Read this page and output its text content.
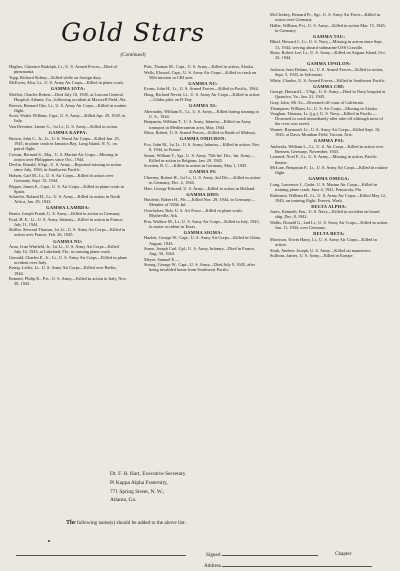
Gold Stars
(Continued)
Hughes, Clarence Rudolph, Lt., U. S. Armed Forces—Died of pneumonia.
Topp, Richard Sidney—Killed while on foreign duty.
McEwen, Alva, Lt., U. S. Army Air Corps—Killed in plane crash.
GAMMA IOTA:
Moffett, Charles Robert—Died July 10, 1945, at Lawson General Hospital, Atlanta, Ga., following accident at Maxwell Field, Ala.
Reeves, Bernard Otis, Lt., U. S. Army Air Corps—Killed in routine flight.
Scott, Walter William, Capt., U. S. Army—Killed Apr. 29, 1945, in Italy.
Van Deventer, James G., 1st Lt., U. S. Army—Killed in action.
GAMMA KAPPA:
Brown, John C., Jr., Lt., U. S. Naval Air Corps—Killed Jan. 25, 1945, in plane crash in Jamaica Bay, Long Island, N. Y., on patrol flight.
Cowan, Bernard S., Maj., U. S. Marine Air Corps—Missing in action over Philippines since Oct., 1944.
Devlin, Ronald, S/Sgt., U. S. Army—Reported missing in action since July, 1943, in Southwest Pacific.
Holsen, Carl M., Lt., U. S. Air Corps—Killed in action over Germany, Sept. 13, 1944.
Pepper, James E., Capt., U. S. Air Corps—Killed in plane crash in Spain.
Schaefer, Roland H., Lt., U. S. Army—Killed in action in North Africa, Jan. 29, 1943.
GAMMA LAMBDA:
Bonin, Joseph Frank, U. S. Army—Killed in action in Germany.
Ford, H. E., Lt., U. S. Army, Infantry—Killed in action in France, July 11, 1944.
Shiffer, Steward Thomas, 1st Lt., U. S. Army Air Corps—Killed in action over France, Feb. 26, 1945.
GAMMA NU:
Arno, Ivan Winfield, Jr., 1st Lt., U. S. Army Air Corps—Killed July 14, 1943, at Lakeland, Fla., in training plane crash.
Gerould, Charles E., Jr., Lt., U. S. Army Air Corps—Killed in plane accident over Italy.
Kemp, Leslie, Lt., U. S. Army Air Corps—Killed over Berlin, 1944.
Kennett, Philip K., Pvt., U. S. Army—Killed in action in Italy, Nov. 30, 1943.
Pitts, Thomas M., Capt., U. S. Army—Killed in action, Alaska.
Wells, Elwood, Capt., U. S. Army Air Corps—Killed in crash on 50th mission in CBI area.
GAMMA NU:
Evans, John H., Lt., U. S. Armed Forces—Killed in Pacific, 1944.
Hoag, Richard Nevin, Lt., U. S. Army Air Corps—Killed in action—Glider pilot on D-Day.
GAMMA XI:
Abernathy, William E., Lt., U. S. Army—Killed during training in U. S., 1944.
Benjamin, William T., U. S. Army, Infantry—Killed on Army transport in Mediterranean area, May, 1944.
Moss, Robert, U. S. Armed Forces—Killed in Battle of Midway.
GAMMA OMICRON:
Fox, John M., 1st Lt., U. S. Army, Infantry—Killed in action, Nov. 8, 1944, in France.
Smart, William T., Sgt., U. S. Army, 75th Inf. Div., Int. Army—Killed in action in Belgium, Jan. 20, 1945.
Scouten, R. C.—Killed in action in Germany, May 1, 1945.
GAMMA PI:
Cherney, Robert H., 1st Lt., U. S. Army, 3rd Div.—Killed in action in Germany, Dec. 2, 1944.
Hart, George Edward, U. S. Army—Killed in action in Holland.
GAMMA RHO:
Houlette, Robert H., Pfc.—Killed Nov. 29, 1944, in Germany—Member of 335th Inf.
Overholser, Bob, U. S. Air Force—Killed in plane crash, Blytheville, Ark.
Pon, Wallace M., Lt., U. S. Army Air Corps—Killed in July, 1945, in motor accident in Texas.
GAMMA SIGMA:
Hazlett, George W., Capt., U. S. Army Air Corps—Killed in China, August, 1943.
Siano, Joseph Carl, Cpl., U. S. Army, Infantry—Died in France, Aug. 30, 1944.
Meyer, Samuel E.—
Strong, George W., Capt., U. S. Army—Died July 9, 1945, after being invalided home from Southwest Pacific.
McCloskey, Bernard Fr., Sgt., U. S. Army Air Force—Killed in action over Germany.
Haller, William, Pvt., U. S. Army—Killed in action Mar. 15, 1945, in Germany.
GAMMA TAU:
Blind, Howard J., Lt., U. S. Navy—Missing in action since Sept. 11, 1944, serving aboard submarine USS Cravalle.
Shaw, Robert Lee, Lt., U. S. Army—Killed on Angaur Island, Oct. 25, 1944.
GAMMA UPSILON:
Jackson, Jean Delano, Lt., U. S. Armed Forces—Killed in action, Sept. 5, 1943, in Solomons.
White, Charles, U. S. Armed Forces—Killed in Southwest Pacific.
GAMMA CHI:
George, Howard L., T/Sgt., U. S. Army—Died in Navy hospital at Quantico, Va., Jan. 21, 1945.
Gray, John, SK 3/c—Drowned off coast of California.
Thompson, William, Lt., U. S. Air Corps—Missing in Alaska.
Vaughan, Thomas, Lt. (j.g.), U. S. Navy—Killed in Pacific—Drowned in crash immediately after take-off although most of the crew was saved.
Warner, Raymond, Lt., U. S. Army Air Corps—Killed Sept. 16, 1943, at Davis-Monthan Field, Tucson, Ariz.
GAMMA PSI:
Andreola, William L., Lt., U. S. Air Corps—Killed in action over Bremen, Germany, November, 1943.
Learned, Noel F., Lt., U. S. Army—Missing in action, Pacific theater.
McLure, Benjamin F., Lt., U. S. Army Air Corps—Killed in routine flight.
GAMMA OMEGA:
Long, Lawrence J., Cadet, U. S. Marine Air Corps—Killed in training plane crash, June 4, 1941, Pensacola, Fla.
Robinson, William H., Lt., U. S. Army Air Corps—Killed May 12, 1943, on training flight, Everett, Wash.
DELTA ALPHA:
Jones, Kenneth, Ens., U. S. Navy—Killed in accident on board ship, Dec. 8, 1942.
Wallis, Donald G., 2nd Lt., U. S. Army Air Corps—Killed in action Jan. 11, 1944, over Germany.
DELTA BETA:
Morrison, Erwin Harry, Lt., U. S. Army Air Corps—Killed in action.
Sirak, Andrew Joseph, U. S. Army—Killed on maneuvers.
Sullivan, James, U. S. Army—Killed in Europe.
Dr. F. H. Hart, Executive Secretary
Pi Kappa Alpha Fraternity,
771 Spring Street, N. W.,
Atlanta, Ga.
The following name(s) should be added to the above list:
Signed	Chapter
Address
